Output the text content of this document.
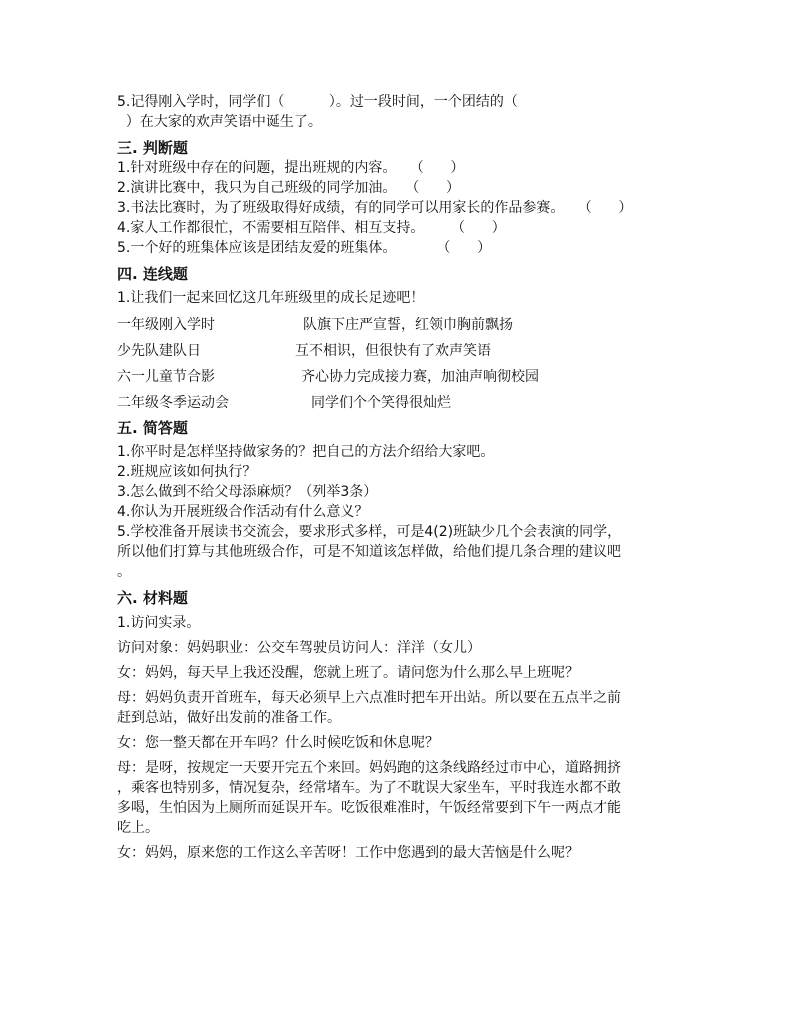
5.记得刚入学时，同学们（          ）。过一段时间，一个团结的（
）在大家的欢声笑语中诞生了。
三. 判断题
1.针对班级中存在的问题，提出班规的内容。   （      ）
2.演讲比赛中，我只为自己班级的同学加油。  （      ）
3.书法比赛时，为了班级取得好成绩，有的同学可以用家长的作品参赛。   （      ）
4.家人工作都很忙，不需要相互陪伴、相互支持。      （      ）
5.一个好的班集体应该是团结友爱的班集体。         （      ）
四. 连线题
1.让我们一起来回忆这几年班级里的成长足迹吧！
一年级刚入学时	队旗下庄严宣誓，红领巾胸前飘扬
少先队建队日	互不相识，但很快有了欢声笑语
六一儿童节合影	齐心协力完成接力赛，加油声响彻校园
二年级冬季运动会	同学们个个笑得很灿烂
五. 简答题
1.你平时是怎样坚持做家务的？把自己的方法介绍给大家吧。
2.班规应该如何执行？
3.怎么做到不给父母添麻烦？（列举3条）
4.你认为开展班级合作活动有什么意义？
5.学校准备开展读书交流会，要求形式多样，可是4(2)班缺少几个会表演的同学，
所以他们打算与其他班级合作，可是不知道该怎样做，给他们提几条合理的建议吧
。
六. 材料题
1.访问实录。
访问对象：妈妈职业：公交车驾驶员访问人：洋洋（女儿）
女：妈妈，每天早上我还没醒，您就上班了。请问您为什么那么早上班呢？
母：妈妈负责开首班车，每天必须早上六点准时把车开出站。所以要在五点半之前
赶到总站，做好出发前的准备工作。
女：您一整天都在开车吗？什么时候吃饭和休息呢？
母：是呀，按规定一天要开完五个来回。妈妈跑的这条线路经过市中心，道路拥挤
，乘客也特别多，情况复杂，经常堵车。为了不耽误大家坐车，平时我连水都不敢
多喝，生怕因为上厕所而延误开车。吃饭很难准时，午饭经常要到下午一两点才能
吃上。
女：妈妈，原来您的工作这么辛苦呀！工作中您遇到的最大苦恼是什么呢？
